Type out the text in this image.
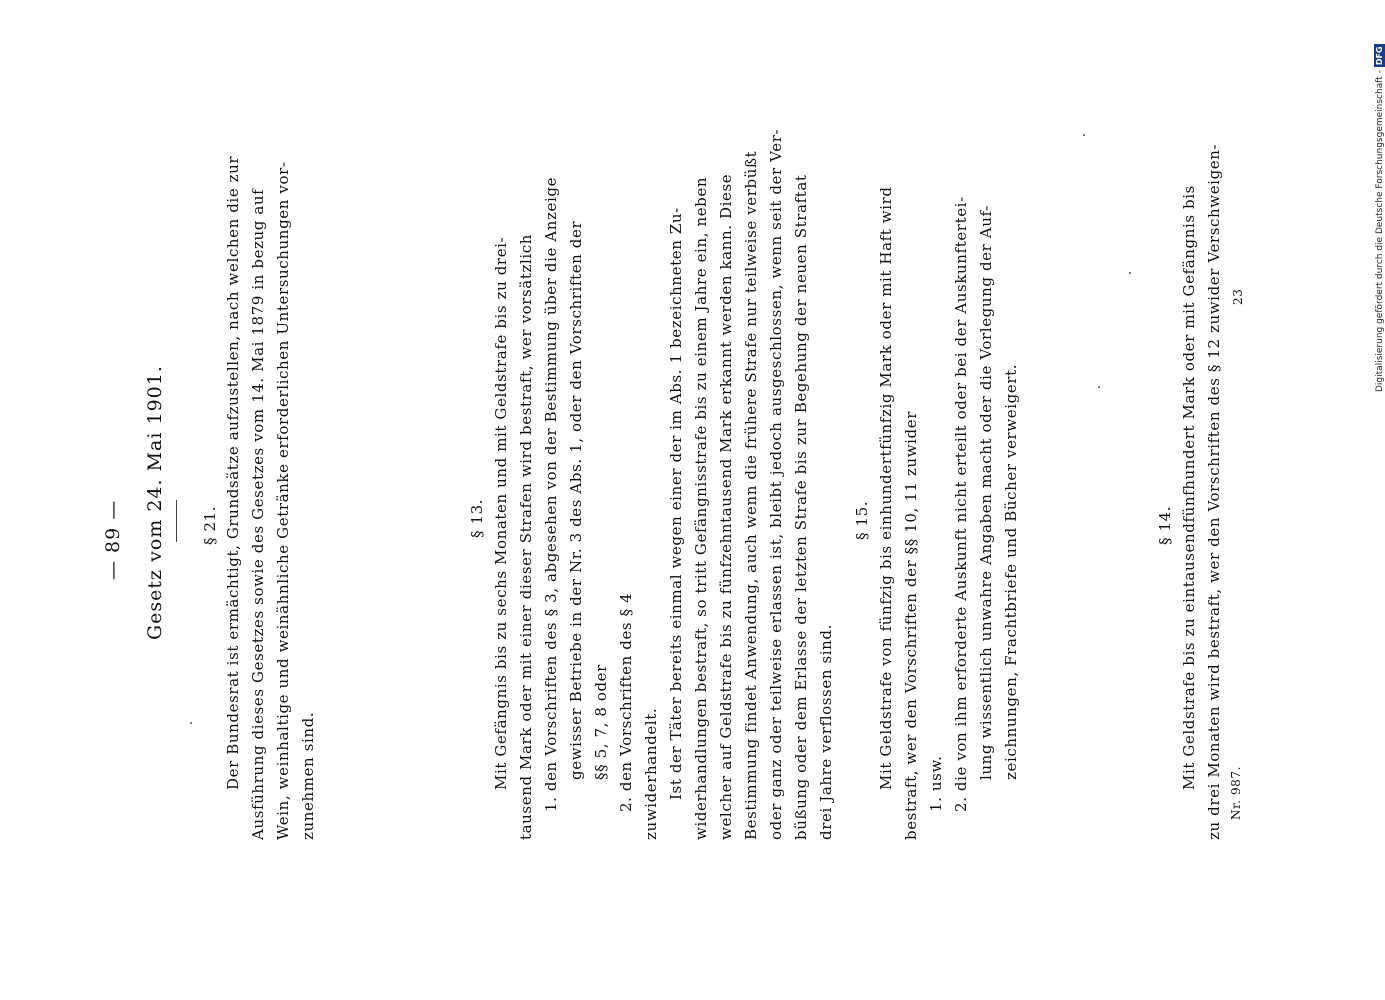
Digitalisierung gefördert durch die Deutsche Forschungsgemeinschaft -DFG
— 89 — Gesetz vom 24. Mai 1901. § 21. Der Bundesrat ist ermächtigt, Grundsätze aufzustellen, nach welchen die zur Ausführung dieses Gesetzes sowie des Gesetzes vom 14. Mai 1879 in bezug auf Wein, weinhaltige und weinähnliche Getränke erforderlichen Untersuchungen vor- zunehmen sind.
§ 13. Mit Gefängnis bis zu sechs Monaten und mit Geldstrafe bis zu drei- tausend Mark oder mit einer dieser Strafen wird bestraft, wer vorsätzlich 1. den Vorschriften des § 3, abgesehen von der Bestimmung über die Anzeige gewisser Betriebe in der Nr. 3 des Abs. 1, oder den Vorschriften der §§ 5, 7, 8 oder 2. den Vorschriften des § 4 zuwiderhandelt. Ist der Täter bereits einmal wegen einer der im Abs. 1 bezeichneten Zu- widerhandlungen bestraft, so tritt Gefängnisstrafe bis zu einem Jahre ein, neben welcher auf Geldstrafe bis zu fünfzehntausend Mark erkannt werden kann. Diese Bestimmung findet Anwendung, auch wenn die frühere Strafe nur teilweise verbüßt oder ganz oder teilweise erlassen ist, bleibt jedoch ausgeschlossen, wenn seit der Ver- büßung oder dem Erlasse der letzten Strafe bis zur Begehung der neuen Straftat drei Jahre verflossen sind.
§ 15. Mit Geldstrafe von fünfzig bis einhundertfünfzig Mark oder mit Haft wird bestraft, wer den Vorschriften der §§ 10, 11 zuwider 1. usw. 2. die von ihm erforderte Auskunft nicht erteilt oder bei der Auskunftertei- lung wissentlich unwahre Angaben macht oder die Vorlegung der Auf- zeichnungen, Frachtbriefe und Bücher verweigert.	§ 14. Mit Geldstrafe bis zu eintausendfünfhundert Mark oder mit Gefängnis bis zu drei Monaten wird bestraft, wer den Vorschriften des § 12 zuwider Verschweigen- Nr. 987.
23
